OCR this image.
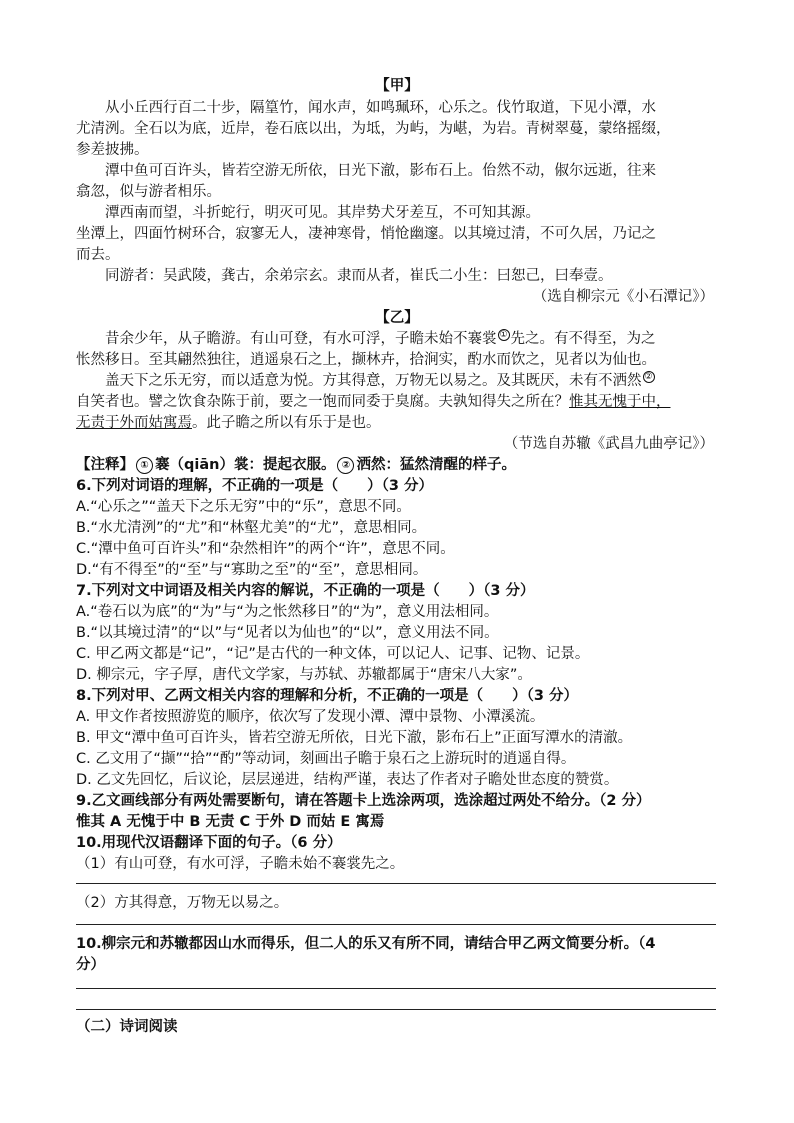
【甲】
从小丘西行百二十步，隔篁竹，闻水声，如鸣珮环，心乐之。伐竹取道，下见小潭，水
尤清洌。全石以为底，近岸，卷石底以出，为坻，为屿，为嵁，为岩。青树翠蔓，蒙络摇缀，
参差披拂。
潭中鱼可百许头，皆若空游无所依，日光下澈，影布石上。佁然不动，俶尔远逝，往来
翕忽，似与游者相乐。
潭西南而望，斗折蛇行，明灭可见。其岸势犬牙差互，不可知其源。
坐潭上，四面竹树环合，寂寥无人，凄神寒骨，悄怆幽邃。以其境过清，不可久居，乃记之
而去。
同游者：吴武陵，龚古，余弟宗玄。隶而从者，崔氏二小生：曰恕己，曰奉壹。
（选自柳宗元《小石潭记》）
【乙】
昔余少年，从子瞻游。有山可登，有水可浮，子瞻未始不褰裳 ① 先之。有不得至，为之
怅然移日。至其翩然独往，逍遥泉石之上，撷林卉，拾涧实，酌水而饮之，见者以为仙也。
盖天下之乐无穷，而以适意为悦。方其得意，万物无以易之。及其既厌，未有不洒然 ②
自笑者也。譬之饮食杂陈于前，要之一饱而同委于臭腐。夫孰知得失之所在？惟其无愧于中，
无责于外而姑寓焉。此子瞻之所以有乐于是也。
（节选自苏辙《武昌九曲亭记》）
【注释】 ① 褰（qiān）裳：提起衣服。 ② 洒然：猛然清醒的样子。
6.下列对词语的理解，不正确的一项是（　　）（3 分）
A.“心乐之”“盖天下之乐无穷”中的“乐”，意思不同。
B.“水尤清洌”的“尤”和“林壑尤美”的“尤”，意思相同。
C.“潭中鱼可百许头”和“杂然相许”的两个“许”，意思不同。
D.“有不得至”的“至”与“寡助之至”的“至”，意思相同。
7.下列对文中词语及相关内容的解说，不正确的一项是（　　）（3 分）
A.“卷石以为底”的“为”与“为之怅然移日”的“为”，意义用法相同。
B.“以其境过清”的“以”与“见者以为仙也”的“以”，意义用法不同。
C. 甲乙两文都是“记”，“记”是古代的一种文体，可以记人、记事、记物、记景。
D. 柳宗元，字子厚，唐代文学家，与苏轼、苏辙都属于“唐宋八大家”。
8.下列对甲、乙两文相关内容的理解和分析，不正确的一项是（　　）（3 分）
A. 甲文作者按照游览的顺序，依次写了发现小潭、潭中景物、小潭溪流。
B. 甲文“潭中鱼可百许头，皆若空游无所依，日光下澈，影布石上”正面写潭水的清澈。
C. 乙文用了“撷”“拾”“酌”等动词，刻画出子瞻于泉石之上游玩时的逍遥自得。
D. 乙文先回忆，后议论，层层递进，结构严谨，表达了作者对子瞻处世态度的赞赏。
9.乙文画线部分有两处需要断句，请在答题卡上选涂两项，选涂超过两处不给分。（2 分）
惟其 A 无愧于中 B 无责 C 于外 D 而姑 E 寓焉
10.用现代汉语翻译下面的句子。（6 分）
（1）有山可登，有水可浮，子瞻未始不褰裳先之。
（2）方其得意，万物无以易之。
10.柳宗元和苏辙都因山水而得乐，但二人的乐又有所不同，请结合甲乙两文简要分析。（4
分）
（二）诗词阅读
